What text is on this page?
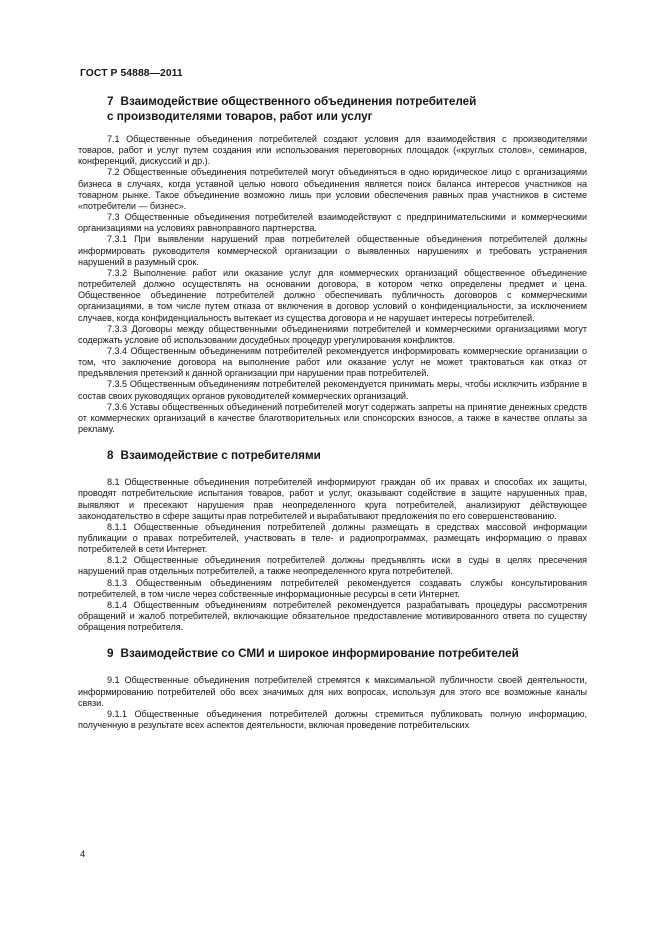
ГОСТ Р 54888—2011
7 Взаимодействие общественного объединения потребителей
с производителями товаров, работ или услуг

7.1 Общественные объединения потребителей создают условия для взаимодействия с производителями товаров, работ и услуг путем создания или использования переговорных площадок («круглых столов», семинаров, конференций, дискуссий и др.).

7.2 Общественные объединения потребителей могут объединяться в одно юридическое лицо с организациями бизнеса в случаях, когда уставной целью нового объединения является поиск баланса интересов участников на товарном рынке. Такое объединение возможно лишь при условии обеспечения равных прав участников в системе «потребители — бизнес».

7.3 Общественные объединения потребителей взаимодействуют с предпринимательскими и коммерческими организациями на условиях равноправного партнерства.

7.3.1 При выявлении нарушений прав потребителей общественные объединения потребителей должны информировать руководителя коммерческой организации о выявленных нарушениях и требовать устранения нарушений в разумный срок.

7.3.2 Выполнение работ или оказание услуг для коммерческих организаций общественное объединение потребителей должно осуществлять на основании договора, в котором четко определены предмет и цена. Общественное объединение потребителей должно обеспечивать публичность договоров с коммерческими организациями, в том числе путем отказа от включения в договор условий о конфиденциальности, за исключением случаев, когда конфиденциальность вытекает из существа договора и не нарушает интересы потребителей.

7.3.3 Договоры между общественными объединениями потребителей и коммерческими организациями могут содержать условие об использовании досудебных процедур урегулирования конфликтов.

7.3.4 Общественным объединениям потребителей рекомендуется информировать коммерческие организации о том, что заключение договора на выполнение работ или оказание услуг не может трактоваться как отказ от предъявления претензий к данной организации при нарушении прав потребителей.

7.3.5 Общественным объединениям потребителей рекомендуется принимать меры, чтобы исключить избрание в состав своих руководящих органов руководителей коммерческих организаций.

7.3.6 Уставы общественных объединений потребителей могут содержать запреты на принятие денежных средств от коммерческих организаций в качестве благотворительных или спонсорских взносов, а также в качестве оплаты за рекламу.

8 Взаимодействие с потребителями

8.1 Общественные объединения потребителей информируют граждан об их правах и способах их защиты, проводят потребительские испытания товаров, работ и услуг, оказывают содействие в защите нарушенных прав, выявляют и пресекают нарушения прав неопределенного круга потребителей, анализируют действующее законодательство в сфере защиты прав потребителей и вырабатывают предложения по его совершенствованию.

8.1.1 Общественные объединения потребителей должны размещать в средствах массовой информации публикации о правах потребителей, участвовать в теле- и радиопрограммах, размещать информацию о правах потребителей в сети Интернет.

8.1.2 Общественные объединения потребителей должны предъявлять иски в суды в целях пресечения нарушений прав отдельных потребителей, а также неопределенного круга потребителей.

8.1.3 Общественным объединениям потребителей рекомендуется создавать службы консультирования потребителей, в том числе через собственные информационные ресурсы в сети Интернет.

8.1.4 Общественным объединениям потребителей рекомендуется разрабатывать процедуры рассмотрения обращений и жалоб потребителей, включающие обязательное предоставление мотивированного ответа по существу обращения потребителя.

9 Взаимодействие со СМИ и широкое информирование потребителей

9.1 Общественные объединения потребителей стремятся к максимальной публичности своей деятельности, информированию потребителей обо всех значимых для них вопросах, используя для этого все возможные каналы связи.

9.1.1 Общественные объединения потребителей должны стремиться публиковать полную информацию, полученную в результате всех аспектов деятельности, включая проведение потребительских

4
